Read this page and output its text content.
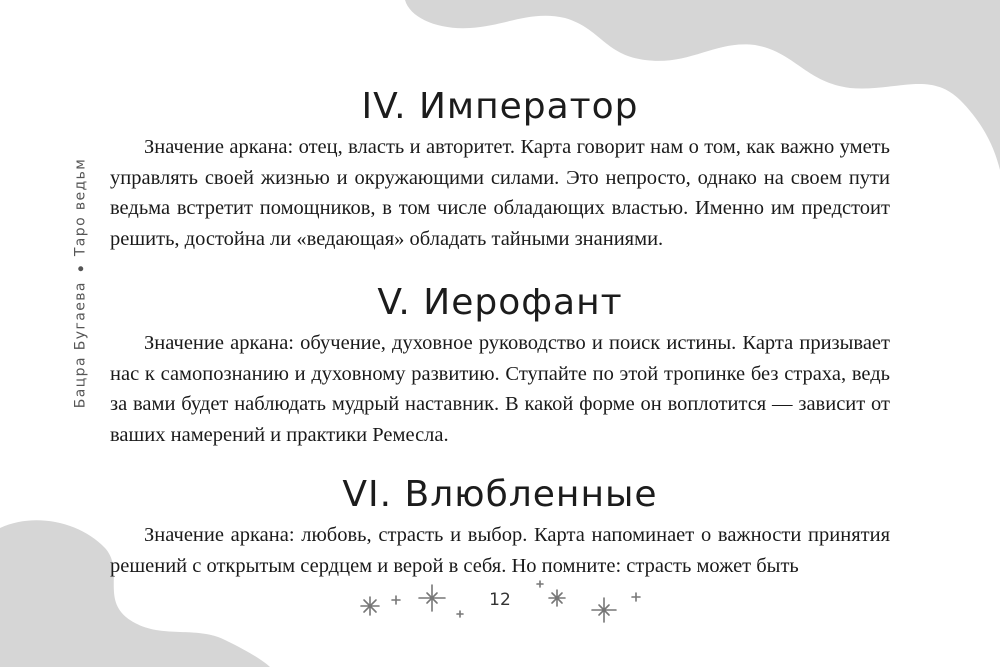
Бацра Бугаева
Таро ведьм
IV. Император

Значение аркана: отец, власть и авторитет. Карта говорит нам о том, как важно уметь управлять своей жизнью и окружающими силами. Это непросто, однако на своем пути ведьма встретит помощников, в том числе обладающих властью. Именно им предстоит решить, достойна ли «ведающая» обладать тайными знаниями.

V. Иерофант

Значение аркана: обучение, духовное руководство и поиск истины. Карта призывает нас к самопознанию и духовному развитию. Ступайте по этой тропинке без страха, ведь за вами будет наблюдать мудрый наставник. В какой форме он воплотится — зависит от ваших намерений и практики Ремесла.

VI. Влюбленные

Значение аркана: любовь, страсть и выбор. Карта напоминает о важности принятия решений с открытым сердцем и верой в себя. Но помните: страсть может быть

12
